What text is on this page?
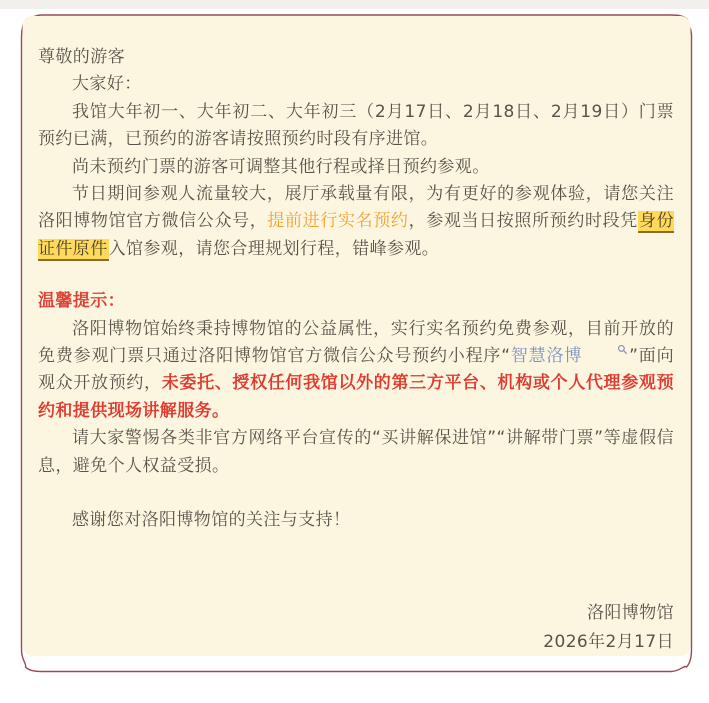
尊敬的游客

大家好：

我馆大年初一、大年初二、大年初三（2月17日、2月18日、2月19日）门票预约已满，已预约的游客请按照预约时段有序进馆。

尚未预约门票的游客可调整其他行程或择日预约参观。

节日期间参观人流量较大，展厅承载量有限，为有更好的参观体验，请您关注洛阳博物馆官方微信公众号，提前进行实名预约，参观当日按照所预约时段凭身份证件原件入馆参观，请您合理规划行程，错峰参观。

温馨提示：

洛阳博物馆始终秉持博物馆的公益属性，实行实名预约免费参观，目前开放的免费参观门票只通过洛阳博物馆官方微信公众号预约小程序“智慧洛博	”面向观众开放预约，未委托、授权任何我馆以外的第三方平台、机构或个人代理参观预约和提供现场讲解服务。

请大家警惕各类非官方网络平台宣传的“买讲解保进馆”“讲解带门票”等虚假信息，避免个人权益受损。

感谢您对洛阳博物馆的关注与支持！

洛阳博物馆

2026年2月17日
